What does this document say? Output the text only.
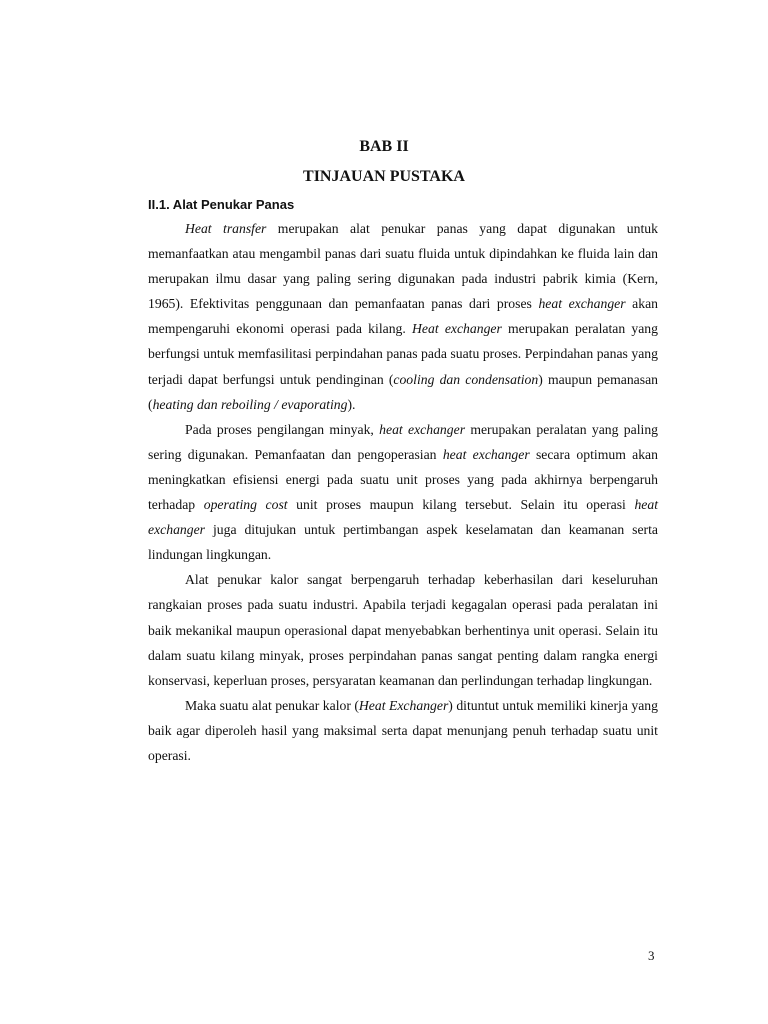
BAB II
TINJAUAN PUSTAKA
II.1. Alat Penukar Panas

Heat transfer merupakan alat penukar panas yang dapat digunakan untuk memanfaatkan atau mengambil panas dari suatu fluida untuk dipindahkan ke fluida lain dan merupakan ilmu dasar yang paling sering digunakan pada industri pabrik kimia (Kern, 1965). Efektivitas penggunaan dan pemanfaatan panas dari proses heat exchanger akan mempengaruhi ekonomi operasi pada kilang. Heat exchanger merupakan peralatan yang berfungsi untuk memfasilitasi perpindahan panas pada suatu proses. Perpindahan panas yang terjadi dapat berfungsi untuk pendinginan (cooling dan condensation) maupun pemanasan (heating dan reboiling / evaporating).

Pada proses pengilangan minyak, heat exchanger merupakan peralatan yang paling sering digunakan. Pemanfaatan dan pengoperasian heat exchanger secara optimum akan meningkatkan efisiensi energi pada suatu unit proses yang pada akhirnya berpengaruh terhadap operating cost unit proses maupun kilang tersebut. Selain itu operasi heat exchanger juga ditujukan untuk pertimbangan aspek keselamatan dan keamanan serta lindungan lingkungan.

Alat penukar kalor sangat berpengaruh terhadap keberhasilan dari keseluruhan rangkaian proses pada suatu industri. Apabila terjadi kegagalan operasi pada peralatan ini baik mekanikal maupun operasional dapat menyebabkan berhentinya unit operasi. Selain itu dalam suatu kilang minyak, proses perpindahan panas sangat penting dalam rangka energi konservasi, keperluan proses, persyaratan keamanan dan perlindungan terhadap lingkungan.

Maka suatu alat penukar kalor (Heat Exchanger) dituntut untuk memiliki kinerja yang baik agar diperoleh hasil yang maksimal serta dapat menunjang penuh terhadap suatu unit operasi.

3
